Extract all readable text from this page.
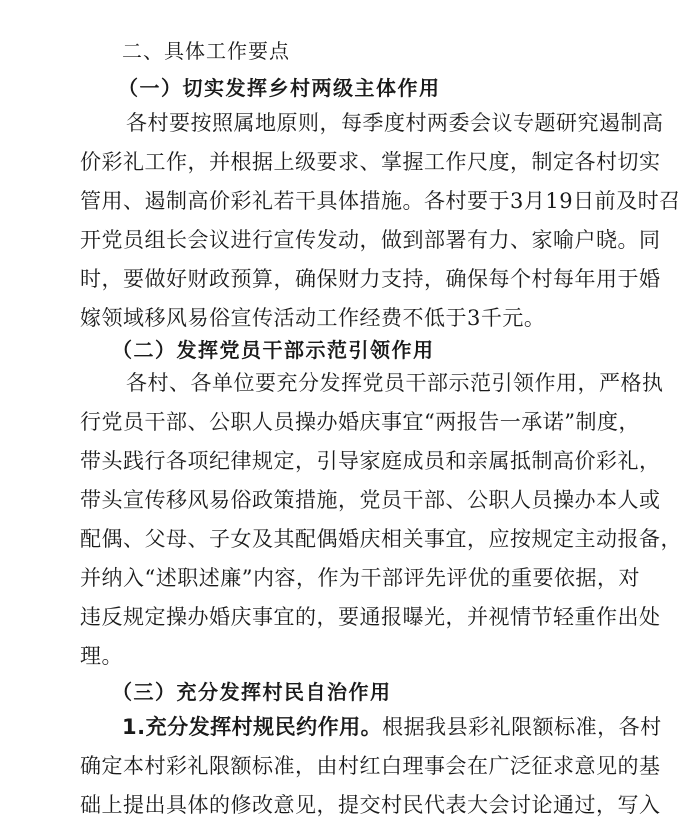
二、具体工作要点
（一）切实发挥乡村两级主体作用
各村要按照属地原则，每季度村两委会议专题研究遏制高
价彩礼工作，并根据上级要求、掌握工作尺度，制定各村切实
管用、遏制高价彩礼若干具体措施。各村要于3月19日前及时召
开党员组长会议进行宣传发动，做到部署有力、家喻户晓。同
时，要做好财政预算，确保财力支持，确保每个村每年用于婚
嫁领域移风易俗宣传活动工作经费不低于3千元。
（二）发挥党员干部示范引领作用
各村、各单位要充分发挥党员干部示范引领作用，严格执
行党员干部、公职人员操办婚庆事宜“两报告一承诺”制度，
带头践行各项纪律规定，引导家庭成员和亲属抵制高价彩礼，
带头宣传移风易俗政策措施，党员干部、公职人员操办本人或
配偶、父母、子女及其配偶婚庆相关事宜，应按规定主动报备，
并纳入“述职述廉”内容，作为干部评先评优的重要依据，对
违反规定操办婚庆事宜的，要通报曝光，并视情节轻重作出处
理。
（三）充分发挥村民自治作用
1.充分发挥村规民约作用。根据我县彩礼限额标准，各村
确定本村彩礼限额标准，由村红白理事会在广泛征求意见的基
础上提出具体的修改意见，提交村民代表大会讨论通过，写入
